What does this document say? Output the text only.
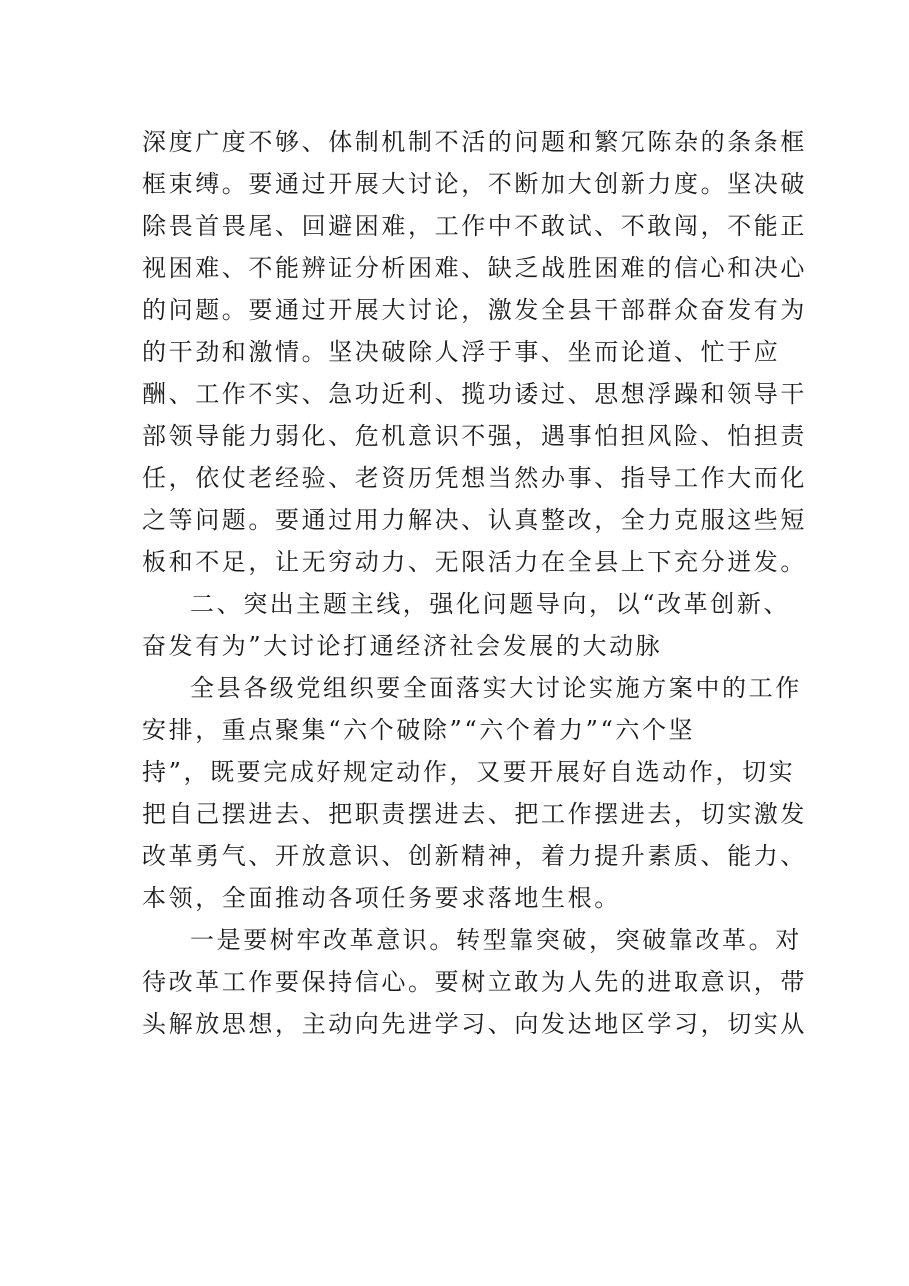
深度广度不够、体制机制不活的问题和繁冗陈杂的条条框
框束缚。要通过开展大讨论，不断加大创新力度。坚决破
除畏首畏尾、回避困难，工作中不敢试、不敢闯，不能正
视困难、不能辨证分析困难、缺乏战胜困难的信心和决心
的问题。要通过开展大讨论，激发全县干部群众奋发有为
的干劲和激情。坚决破除人浮于事、坐而论道、忙于应
酬、工作不实、急功近利、揽功诿过、思想浮躁和领导干
部领导能力弱化、危机意识不强，遇事怕担风险、怕担责
任，依仗老经验、老资历凭想当然办事、指导工作大而化
之等问题。要通过用力解决、认真整改，全力克服这些短
板和不足，让无穷动力、无限活力在全县上下充分迸发。
二、突出主题主线，强化问题导向，以“改革创新、
奋发有为”大讨论打通经济社会发展的大动脉
全县各级党组织要全面落实大讨论实施方案中的工作
安排，重点聚集“六个破除”“六个着力”“六个坚
持”，既要完成好规定动作，又要开展好自选动作，切实
把自己摆进去、把职责摆进去、把工作摆进去，切实激发
改革勇气、开放意识、创新精神，着力提升素质、能力、
本领，全面推动各项任务要求落地生根。
一是要树牢改革意识。转型靠突破，突破靠改革。对
待改革工作要保持信心。要树立敢为人先的进取意识，带
头解放思想，主动向先进学习、向发达地区学习，切实从
